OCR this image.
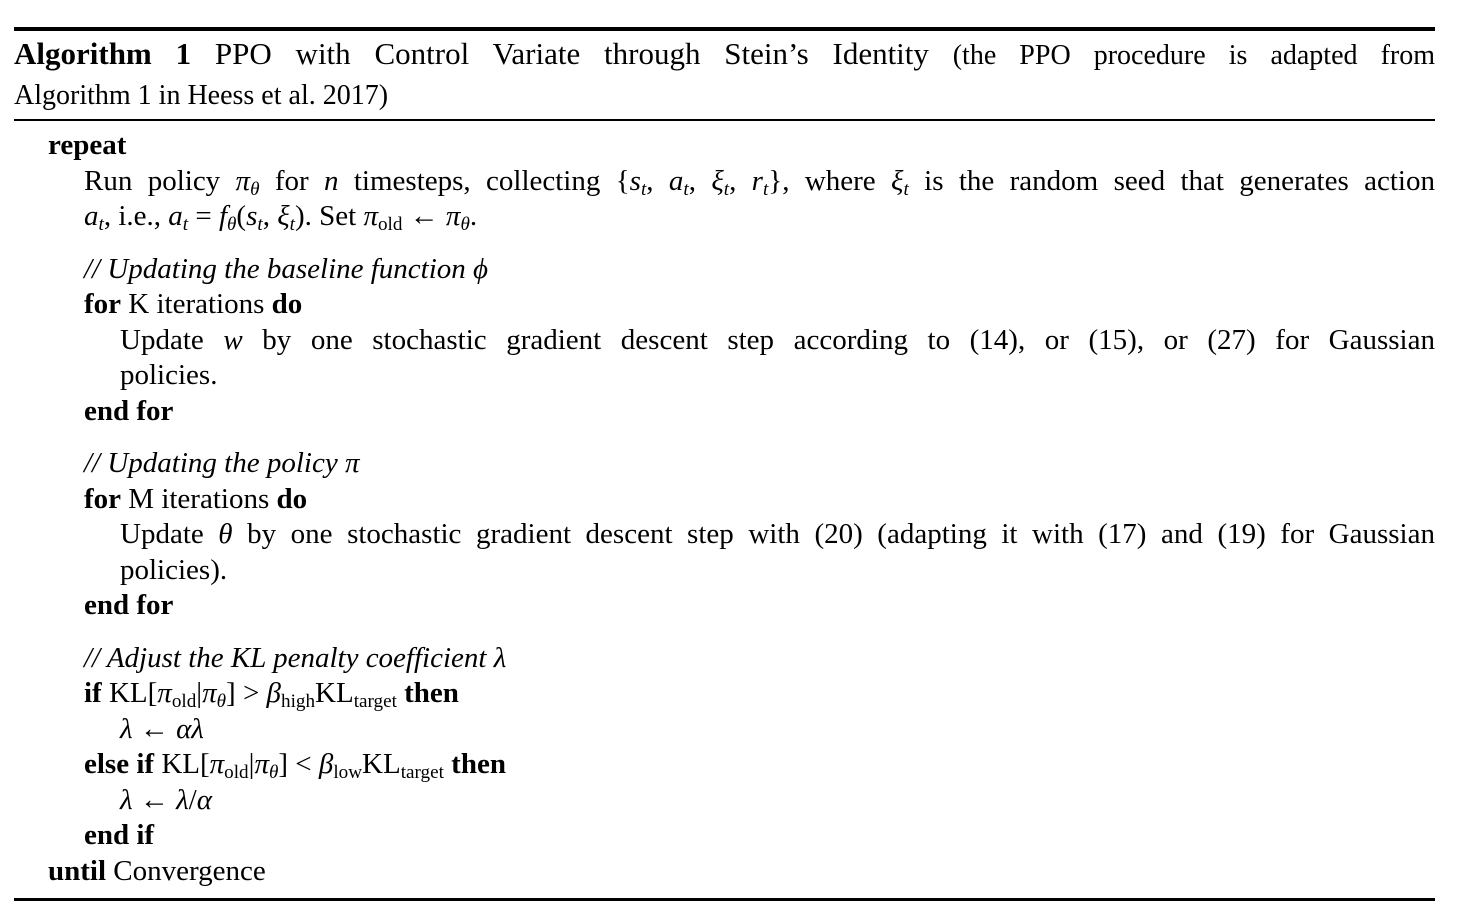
Algorithm 1 PPO with Control Variate through Stein’s Identity (the PPO procedure is adapted from
Algorithm 1 in Heess et al. 2017)
repeat
Run policy $\pi_\theta$ for n timesteps, collecting {$s_t$, $a_t$, $\xi_t$, $r_t$}, where $\xi_t$ is the random seed that generates action
$a_t$, i.e., $a_t = f_\theta(s_t$, $\xi_t$). Set $\pi_{old}$ ← $\pi_\theta$.
// Updating the baseline function ϕ
for K iterations do
Update w by one stochastic gradient descent step according to (14), or (15), or (27) for Gaussian
policies.
end for
// Updating the policy π
for M iterations do
Update θ by one stochastic gradient descent step with (20) (adapting it with (17) and (19) for Gaussian
policies).
end for
// Adjust the KL penalty coefficient λ
if $KL[\pi_{old}|\pi_\theta] > \beta_{high}KL_{target}$ then
λ ← αλ
else if $KL[\pi_{old}|\pi_\theta] < \beta_{low}KL_{target}$ then
λ ← λ/α
end if
until Convergence
